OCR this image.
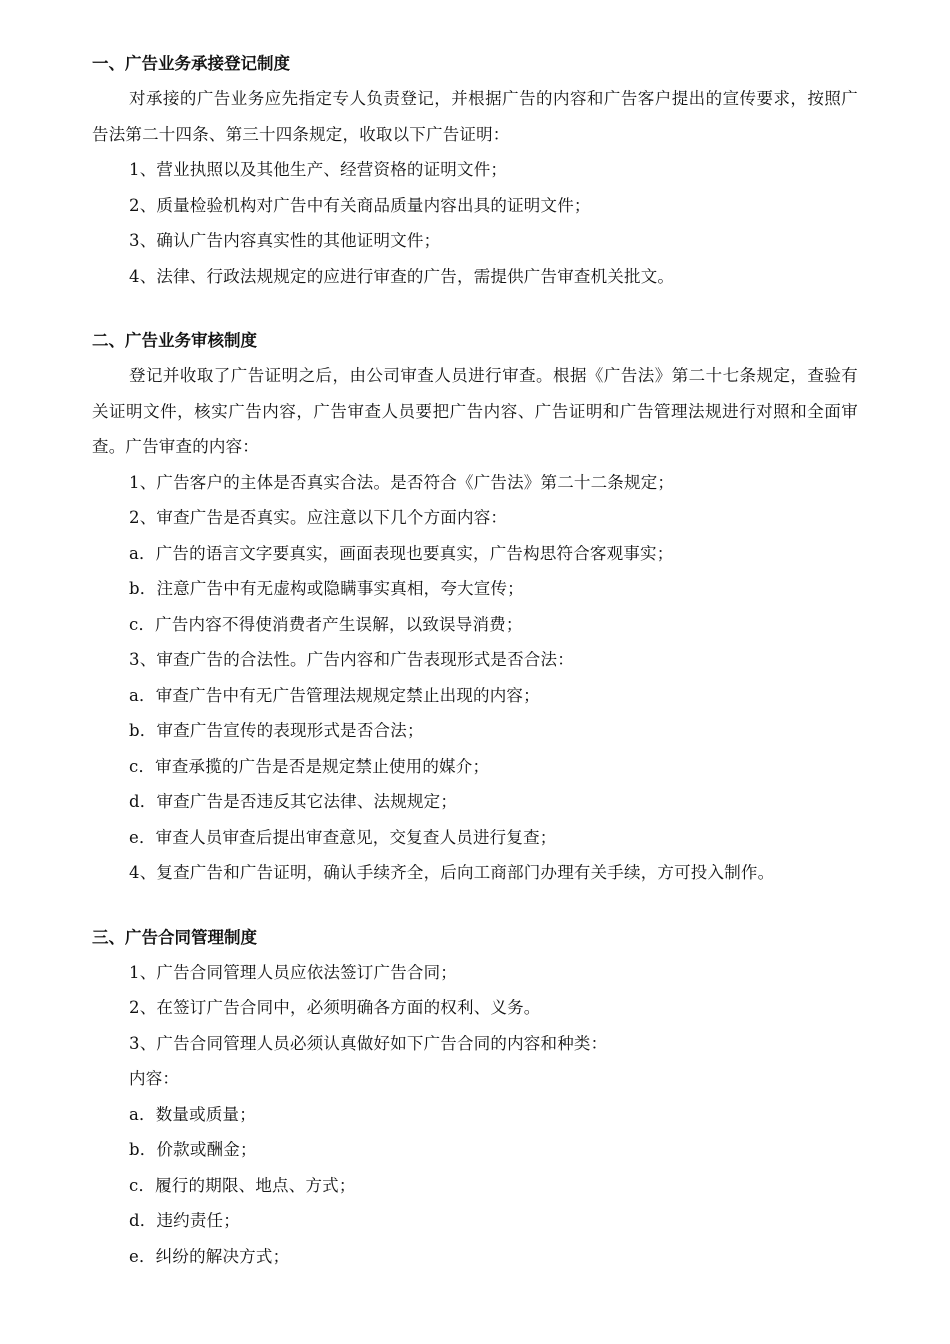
一、广告业务承接登记制度
对承接的广告业务应先指定专人负责登记，并根据广告的内容和广告客户提出的宣传要求，按照广告法第二十四条、第三十四条规定，收取以下广告证明：
1、营业执照以及其他生产、经营资格的证明文件；
2、质量检验机构对广告中有关商品质量内容出具的证明文件；
3、确认广告内容真实性的其他证明文件；
4、法律、行政法规规定的应进行审查的广告，需提供广告审查机关批文。
二、广告业务审核制度
登记并收取了广告证明之后，由公司审查人员进行审查。根据《广告法》第二十七条规定，查验有关证明文件，核实广告内容，广告审查人员要把广告内容、广告证明和广告管理法规进行对照和全面审查。广告审查的内容：
1、广告客户的主体是否真实合法。是否符合《广告法》第二十二条规定；
2、审查广告是否真实。应注意以下几个方面内容：
a．广告的语言文字要真实，画面表现也要真实，广告构思符合客观事实；
b．注意广告中有无虚构或隐瞒事实真相，夸大宣传；
c．广告内容不得使消费者产生误解，以致误导消费；
3、审查广告的合法性。广告内容和广告表现形式是否合法：
a．审查广告中有无广告管理法规规定禁止出现的内容；
b．审查广告宣传的表现形式是否合法；
c．审查承揽的广告是否是规定禁止使用的媒介；
d．审查广告是否违反其它法律、法规规定；
e．审查人员审查后提出审查意见，交复查人员进行复查；
4、复查广告和广告证明，确认手续齐全，后向工商部门办理有关手续，方可投入制作。
三、广告合同管理制度
1、广告合同管理人员应依法签订广告合同；
2、在签订广告合同中，必须明确各方面的权利、义务。
3、广告合同管理人员必须认真做好如下广告合同的内容和种类：
内容：
a．数量或质量；
b．价款或酬金；
c．履行的期限、地点、方式；
d．违约责任；
e．纠纷的解决方式；
